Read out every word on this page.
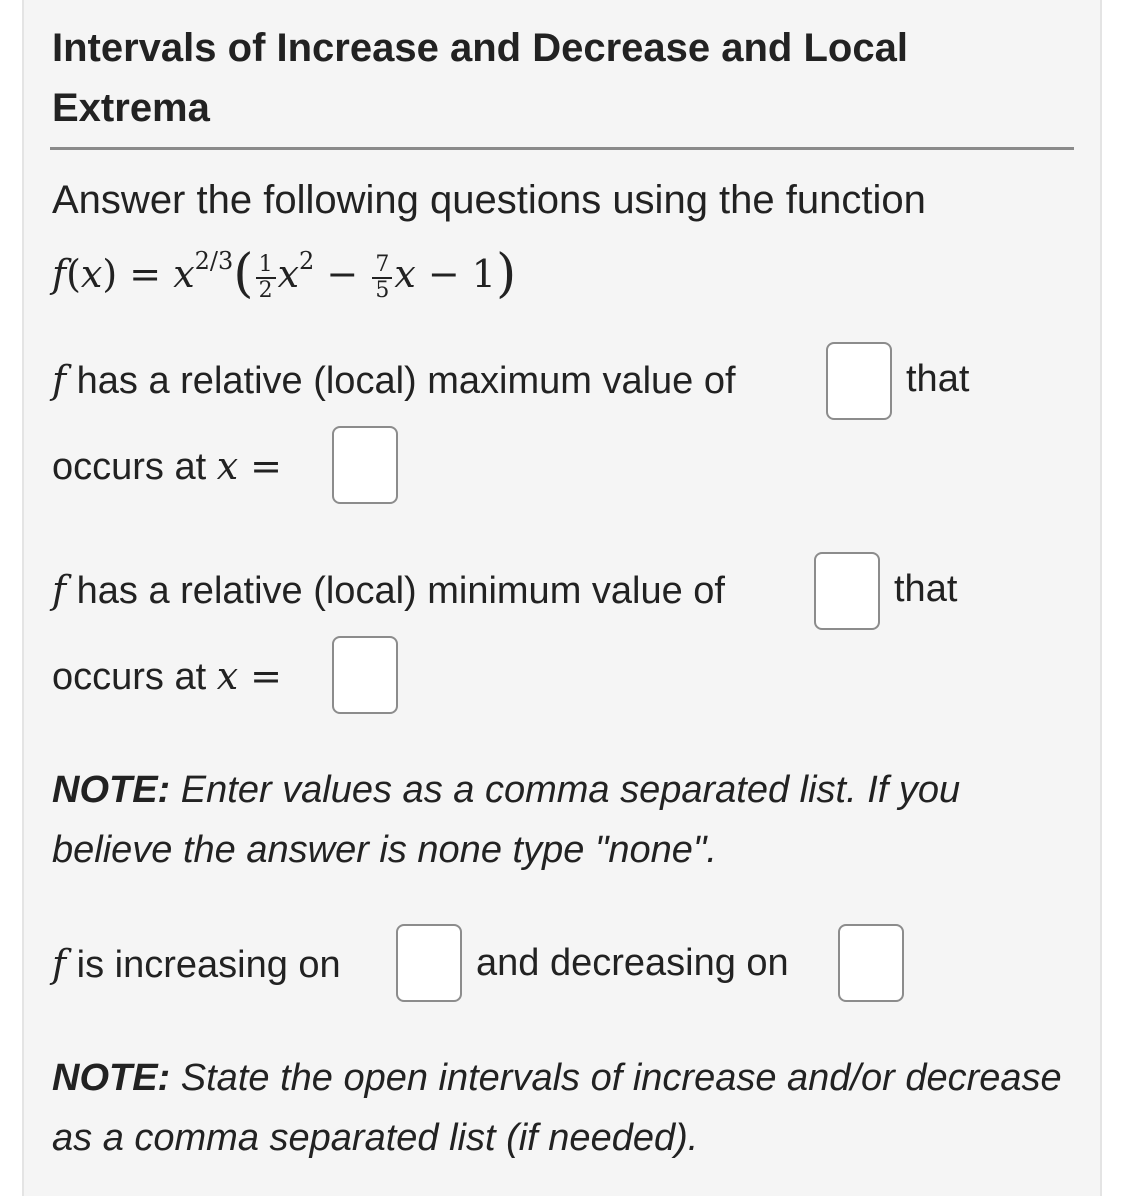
Intervals of Increase and Decrease and Local Extrema
Answer the following questions using the function
$f(x) = x^{2/3}( \frac{1}{2} x^2 - \frac{7}{5}$ x − 1)
f has a relative (local) maximum value of	that
occurs at x =
f has a relative (local) minimum value of	that
occurs at x =
NOTE: Enter values as a comma separated list. If you believe the answer is none type "none".
f is increasing on	and decreasing on
NOTE: State the open intervals of increase and/or decrease as a comma separated list (if needed).
